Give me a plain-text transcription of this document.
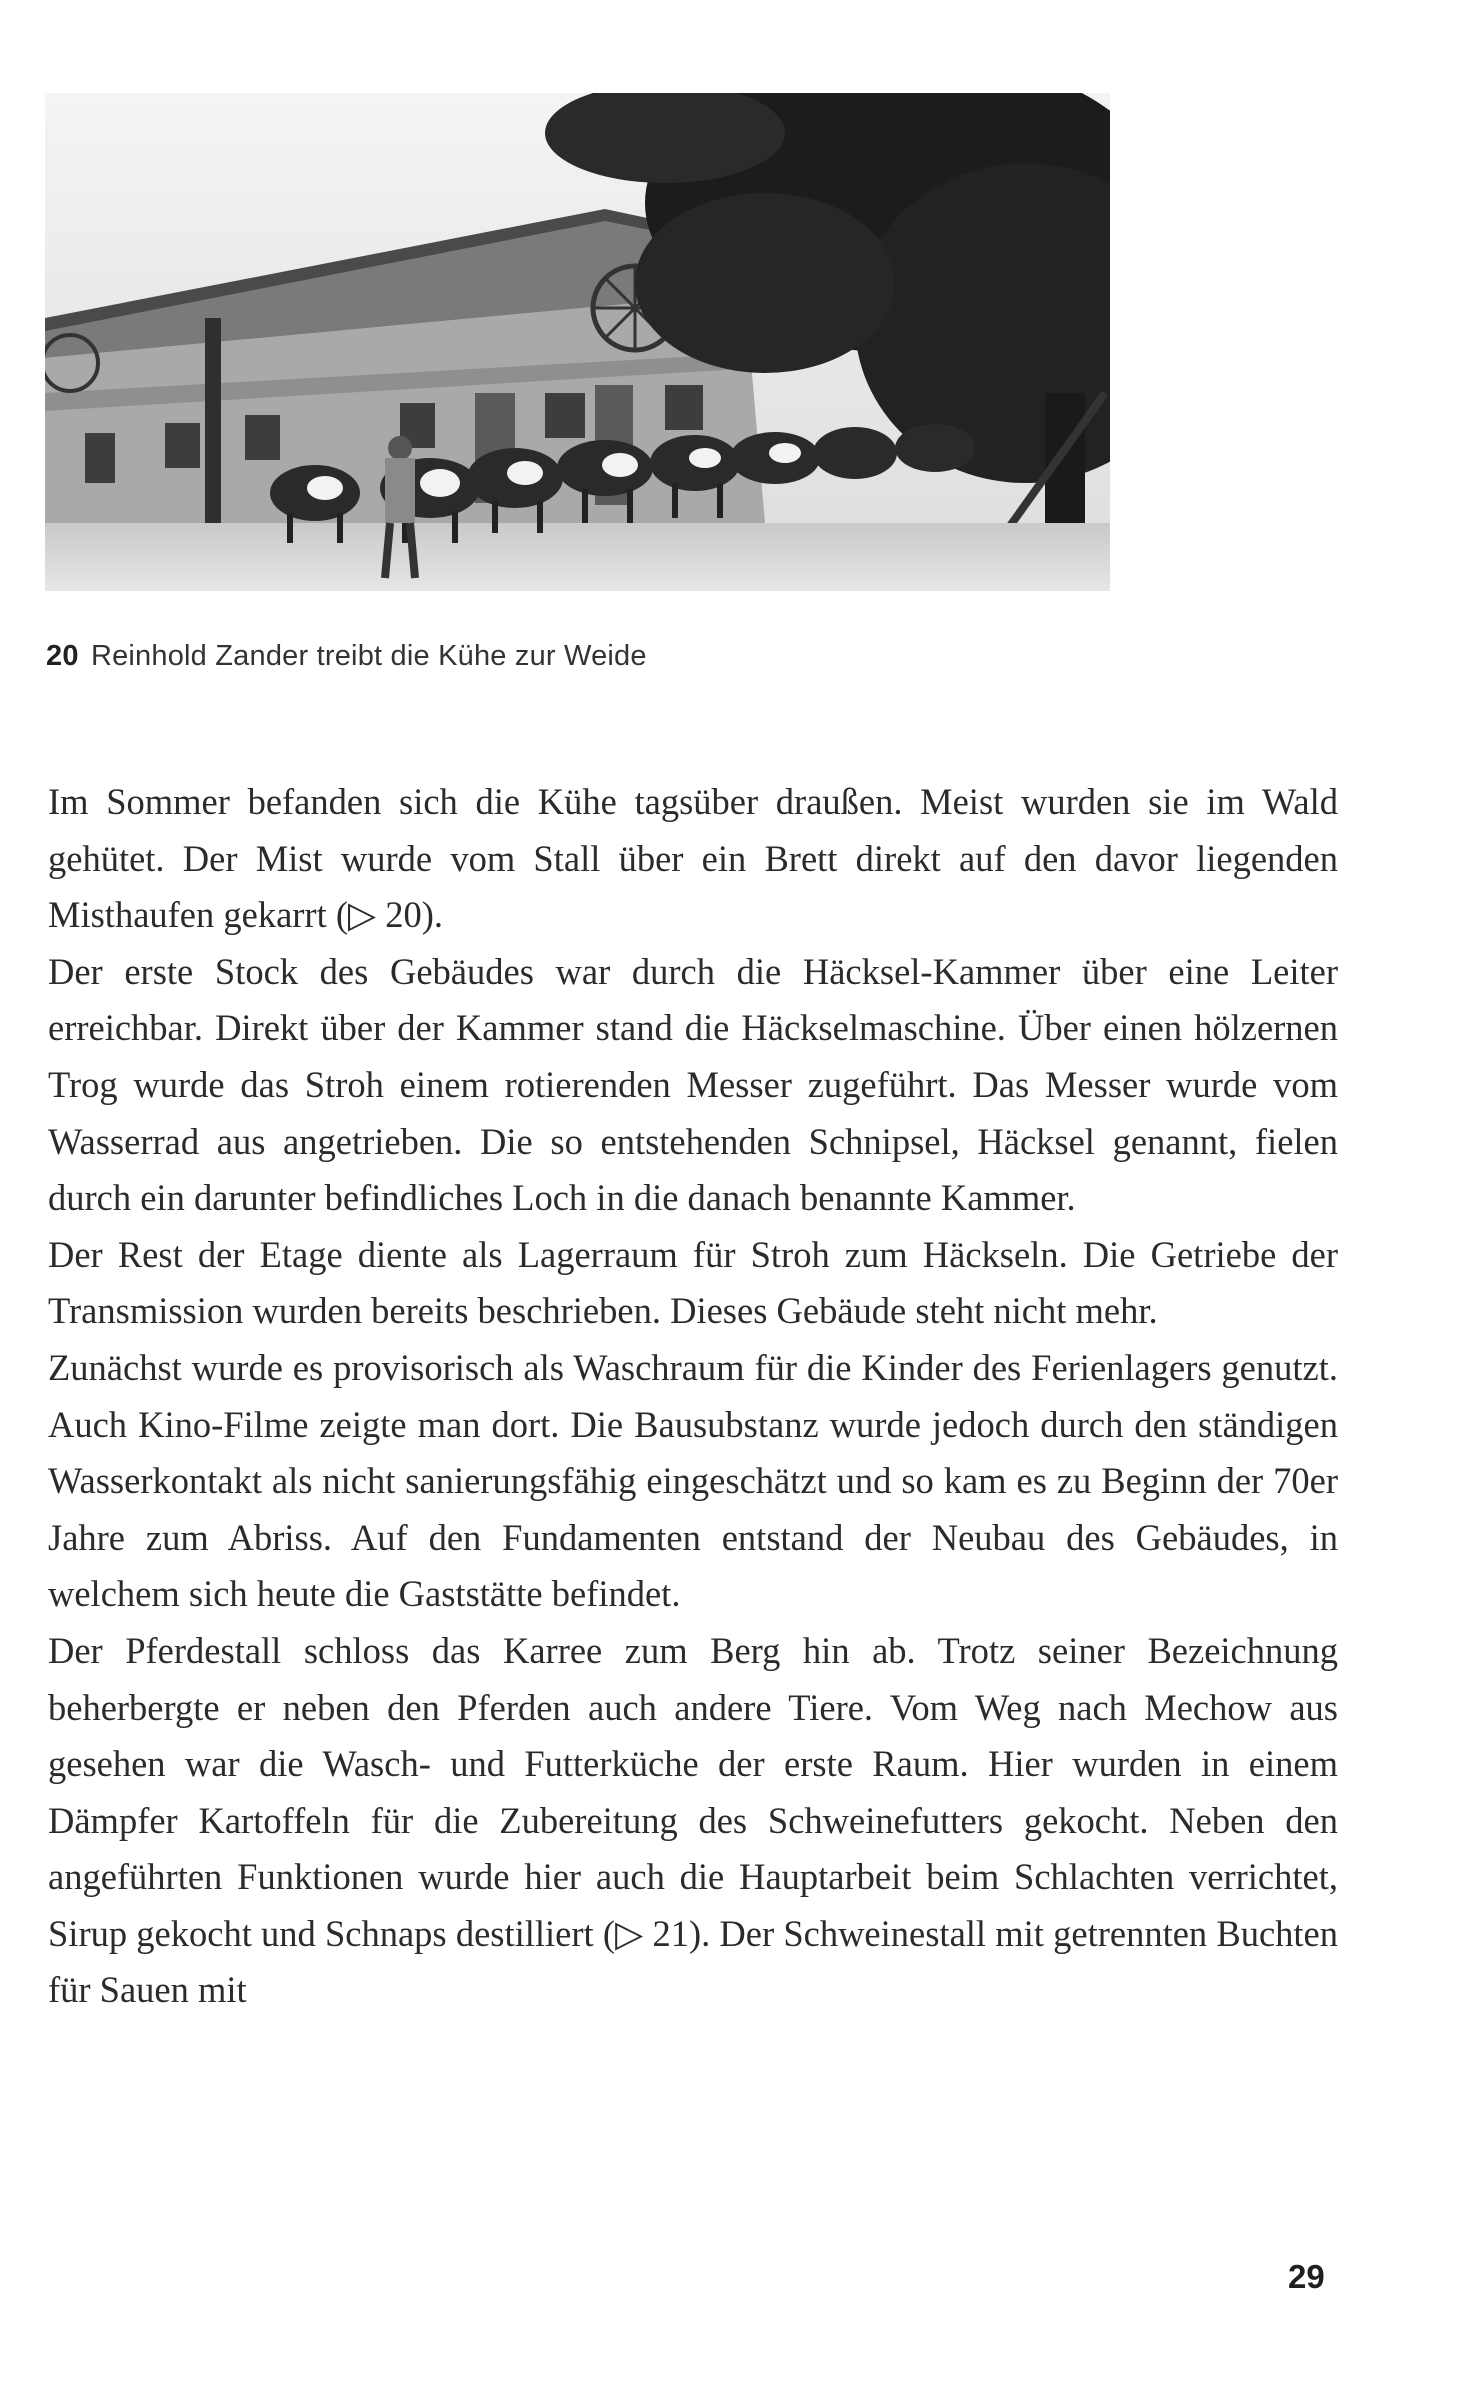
20 Reinhold Zander treibt die Kühe zur Weide

Im Sommer befanden sich die Kühe tagsüber draußen. Meist wurden sie im Wald gehütet. Der Mist wurde vom Stall über ein Brett direkt auf den davor liegenden Misthaufen gekarrt (▷ 20).

Der erste Stock des Gebäudes war durch die Häcksel-Kammer über eine Leiter erreichbar. Direkt über der Kammer stand die Häckselmaschine. Über einen hölzernen Trog wurde das Stroh einem rotierenden Messer zugeführt. Das Messer wurde vom Wasserrad aus angetrieben. Die so entstehenden Schnipsel, Häcksel genannt, fielen durch ein darunter befindliches Loch in die danach benannte Kammer.

Der Rest der Etage diente als Lagerraum für Stroh zum Häckseln. Die Getriebe der Transmission wurden bereits beschrieben. Dieses Gebäude steht nicht mehr.

Zunächst wurde es provisorisch als Waschraum für die Kinder des Ferienlagers genutzt. Auch Kino-Filme zeigte man dort. Die Bausubstanz wurde jedoch durch den ständigen Wasserkontakt als nicht sanierungsfähig eingeschätzt und so kam es zu Beginn der 70er Jahre zum Abriss. Auf den Fundamenten entstand der Neubau des Gebäudes, in welchem sich heute die Gaststätte befindet.

Der Pferdestall schloss das Karree zum Berg hin ab. Trotz seiner Bezeichnung beherbergte er neben den Pferden auch andere Tiere. Vom Weg nach Mechow aus gesehen war die Wasch- und Futterküche der erste Raum. Hier wurden in einem Dämpfer Kartoffeln für die Zubereitung des Schweinefutters gekocht. Neben den angeführten Funktionen wurde hier auch die Hauptarbeit beim Schlachten verrichtet, Sirup gekocht und Schnaps destilliert (▷ 21). Der Schweinestall mit getrennten Buchten für Sauen mit

29
